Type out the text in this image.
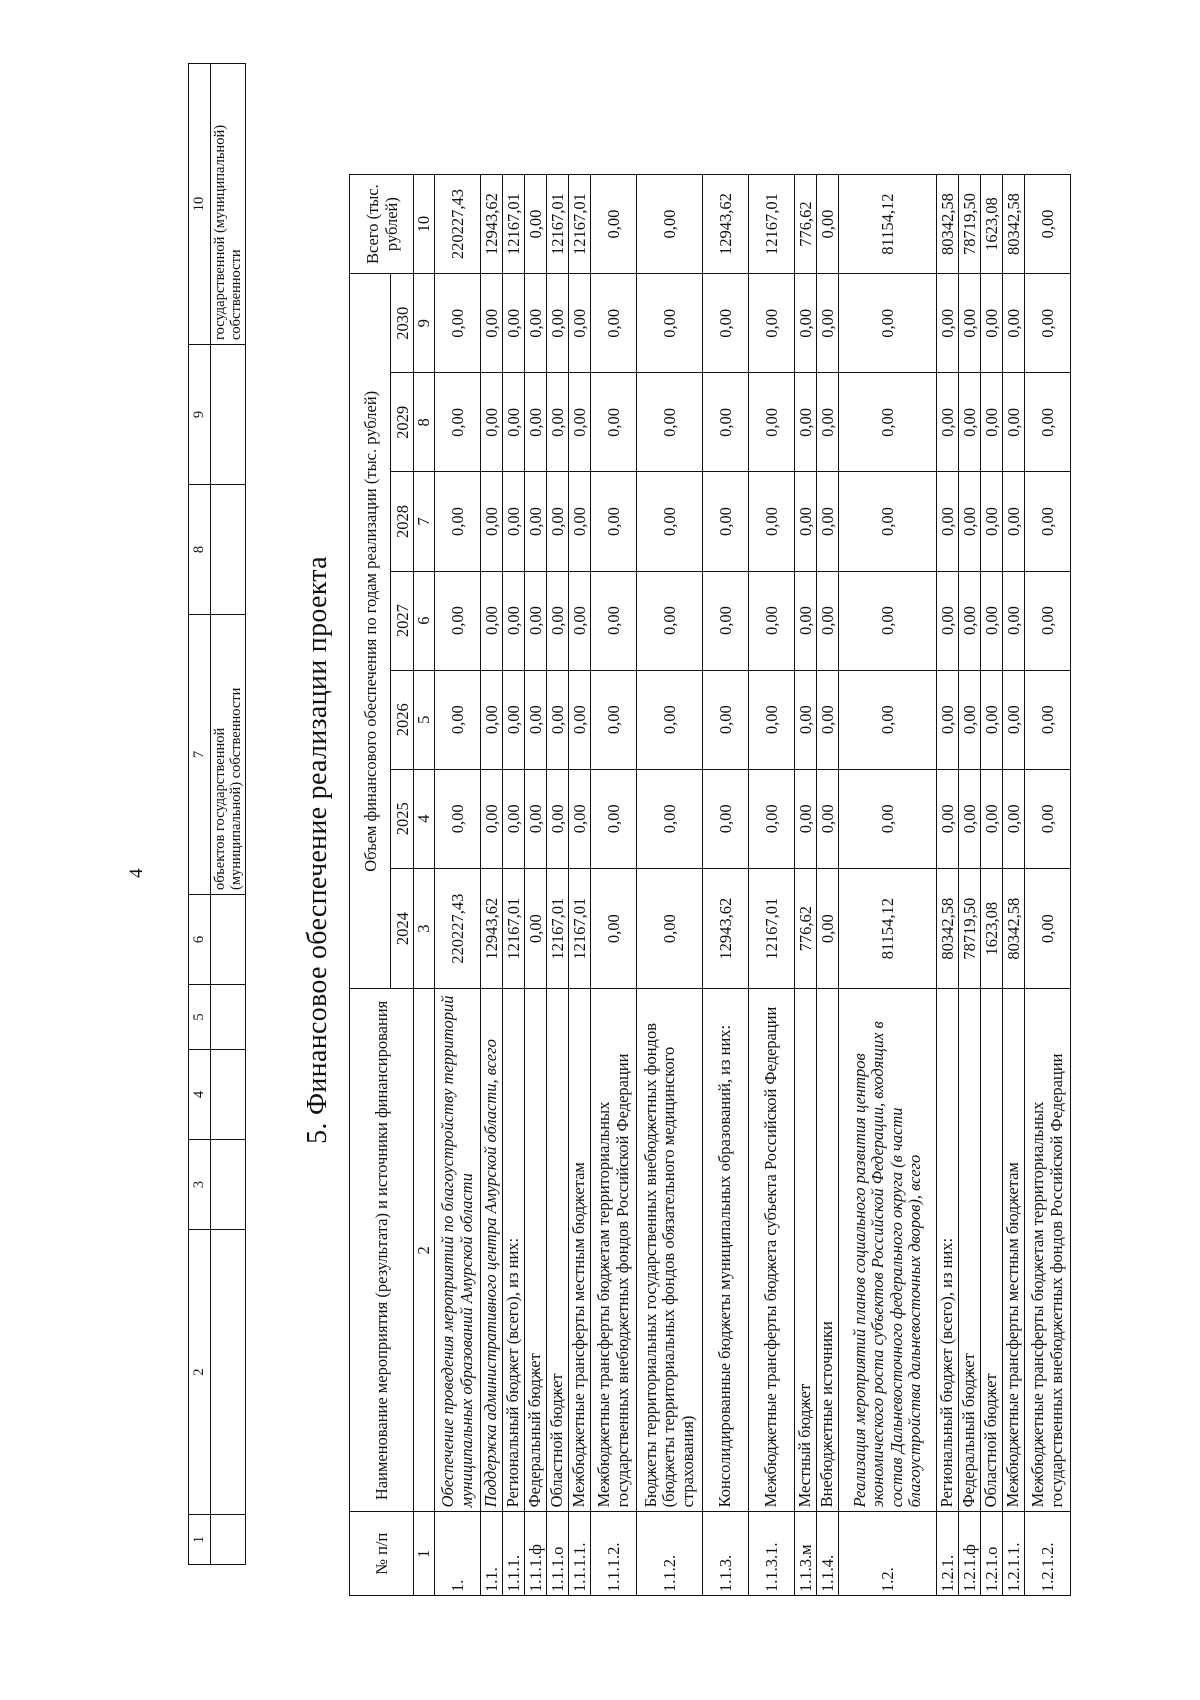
4
1	2	3	4	5	6	7	8	9	10
						объектов государственной (муниципальной) собственности			государственной (муниципальной) собственности
5. Финансовое обеспечение реализации проекта
№ п/п	Наименование мероприятия (результата) и источники финансирования	Объем финансового обеспечения по годам реализации (тыс. рублей)							Всего (тыс. рублей)
		2024	2025	2026	2027	2028	2029	2030	
1	2	3	4	5	6	7	8	9	10
1.	Обеспечение проведения мероприятий по благоустройству территорий муниципальных образований Амурской области	220227,43	0,00	0,00	0,00	0,00	0,00	0,00	220227,43
1.1.	Поддержка административного центра Амурской области, всего	12943,62	0,00	0,00	0,00	0,00	0,00	0,00	12943,62
1.1.1.	Региональный бюджет (всего), из них:	12167,01	0,00	0,00	0,00	0,00	0,00	0,00	12167,01
1.1.1.ф	Федеральный бюджет	0,00	0,00	0,00	0,00	0,00	0,00	0,00	0,00
1.1.1.о	Областной бюджет	12167,01	0,00	0,00	0,00	0,00	0,00	0,00	12167,01
1.1.1.1.	Межбюджетные трансферты местным бюджетам	12167,01	0,00	0,00	0,00	0,00	0,00	0,00	12167,01
1.1.1.2.	Межбюджетные трансферты бюджетам территориальных государственных внебюджетных фондов Российской Федерации	0,00	0,00	0,00	0,00	0,00	0,00	0,00	0,00
1.1.2.	Бюджеты территориальных государственных внебюджетных фондов (бюджеты территориальных фондов обязательного медицинского страхования)	0,00	0,00	0,00	0,00	0,00	0,00	0,00	0,00
1.1.3.	Консолидированные бюджеты муниципальных образований, из них:	12943,62	0,00	0,00	0,00	0,00	0,00	0,00	12943,62
1.1.3.1.	Межбюджетные трансферты бюджета субъекта Российской Федерации	12167,01	0,00	0,00	0,00	0,00	0,00	0,00	12167,01
1.1.3.м	Местный бюджет	776,62	0,00	0,00	0,00	0,00	0,00	0,00	776,62
1.1.4.	Внебюджетные источники	0,00	0,00	0,00	0,00	0,00	0,00	0,00	0,00
1.2.	Реализация мероприятий планов социального развития центров экономического роста субъектов Российской Федерации, входящих в состав Дальневосточного федерального округа (в части благоустройства дальневосточных дворов), всего	81154,12	0,00	0,00	0,00	0,00	0,00	0,00	81154,12
1.2.1.	Региональный бюджет (всего), из них:	80342,58	0,00	0,00	0,00	0,00	0,00	0,00	80342,58
1.2.1.ф	Федеральный бюджет	78719,50	0,00	0,00	0,00	0,00	0,00	0,00	78719,50
1.2.1.о	Областной бюджет	1623,08	0,00	0,00	0,00	0,00	0,00	0,00	1623,08
1.2.1.1.	Межбюджетные трансферты местным бюджетам	80342,58	0,00	0,00	0,00	0,00	0,00	0,00	80342,58
1.2.1.2.	Межбюджетные трансферты бюджетам территориальных государственных внебюджетных фондов Российской Федерации	0,00	0,00	0,00	0,00	0,00	0,00	0,00	0,00
